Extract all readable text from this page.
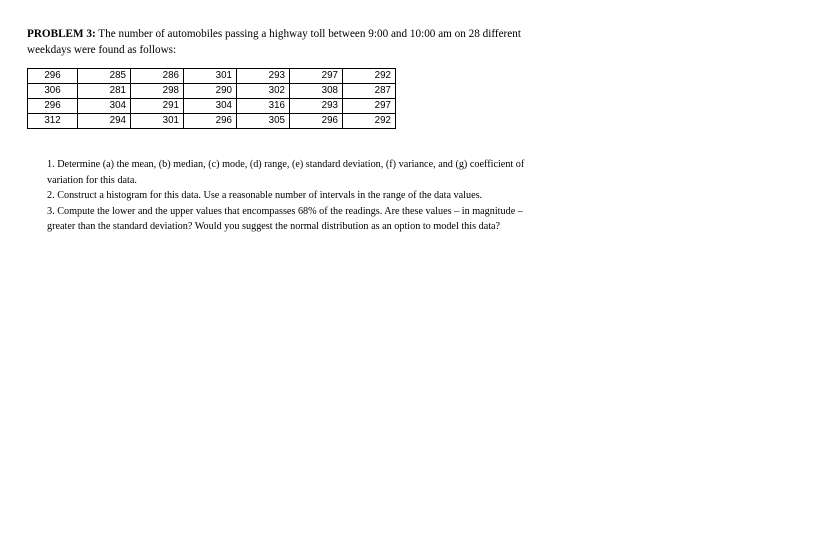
PROBLEM 3: The number of automobiles passing a highway toll between 9:00 and 10:00 am on 28 different weekdays were found as follows:
296	285	286	301	293	297	292
306	281	298	290	302	308	287
296	304	291	304	316	293	297
312	294	301	296	305	296	292

1. Determine (a) the mean, (b) median, (c) mode, (d) range, (e) standard deviation, (f) variance, and (g) coefficient of variation for this data.

2. Construct a histogram for this data. Use a reasonable number of intervals in the range of the data values.

3. Compute the lower and the upper values that encompasses 68% of the readings. Are these values – in magnitude – greater than the standard deviation? Would you suggest the normal distribution as an option to model this data?
